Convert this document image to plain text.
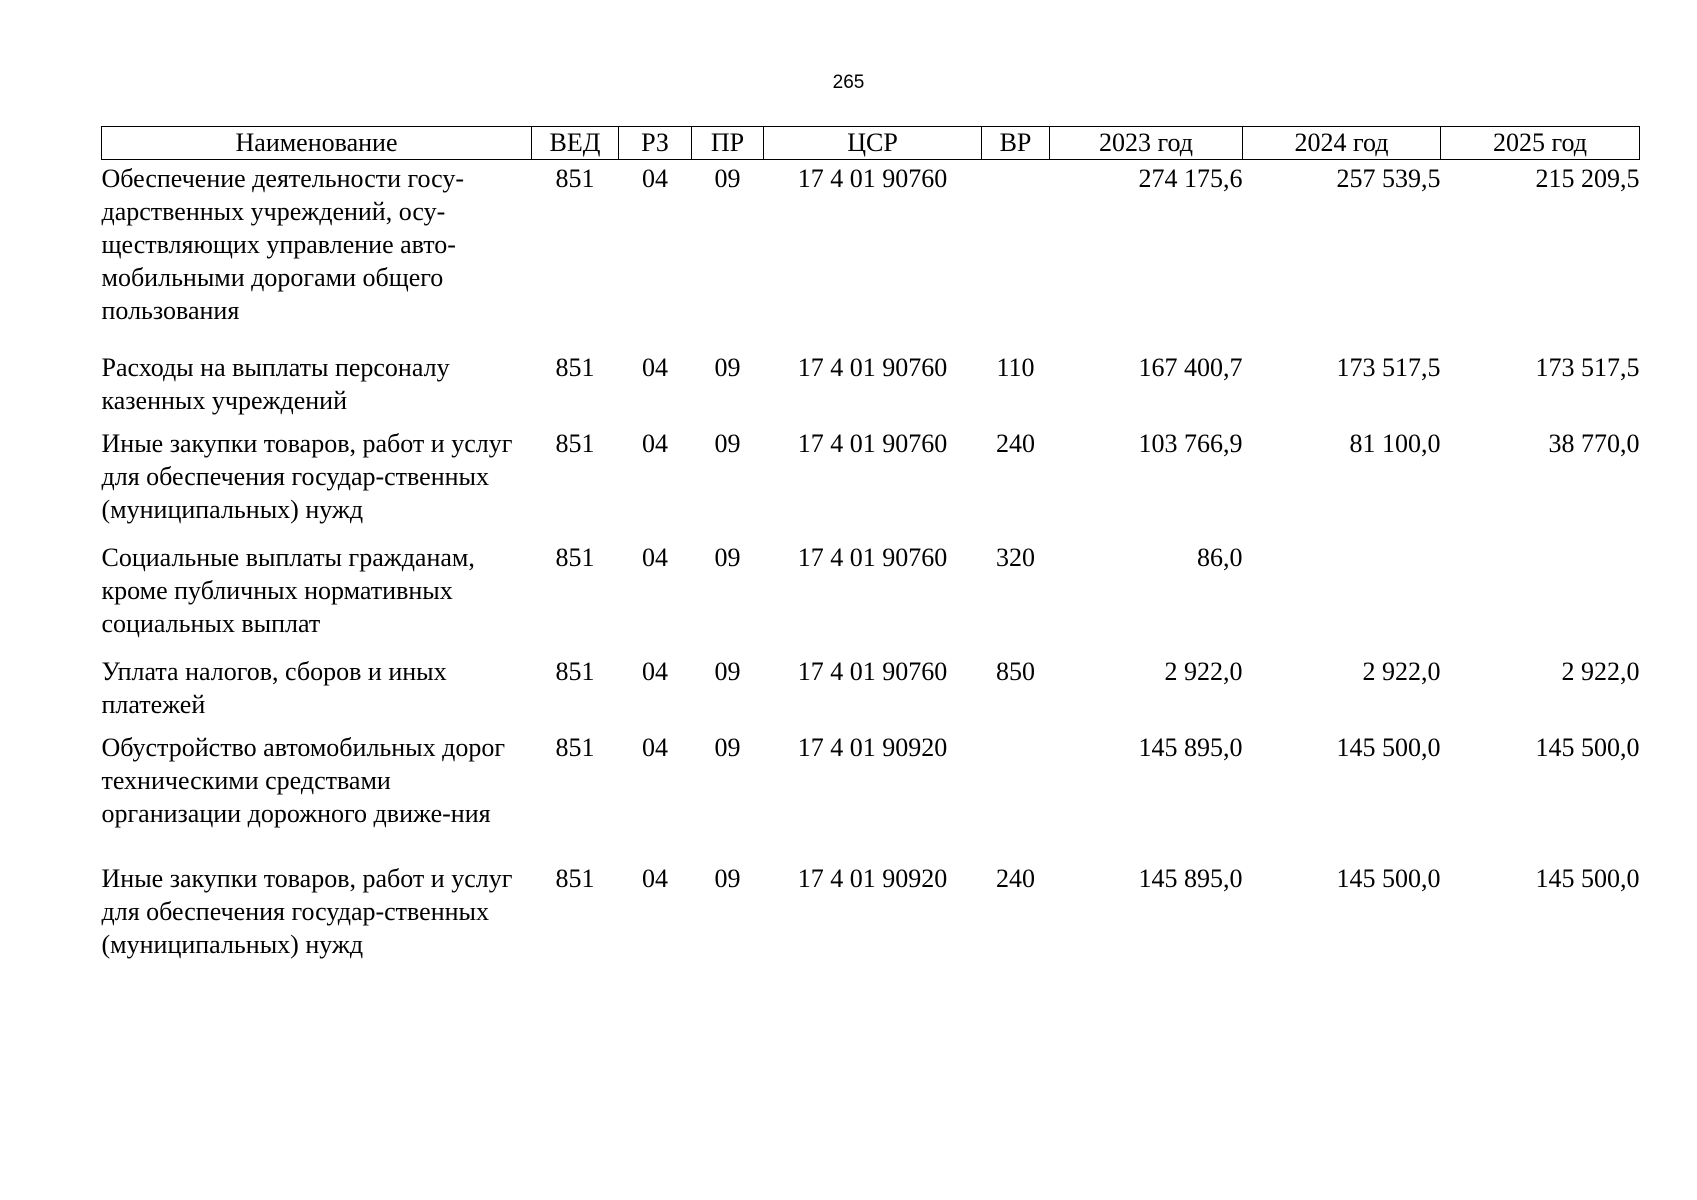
265
Наименование	ВЕД	РЗ	ПР	ЦСР	ВР	2023 год	2024 год	2025 год
Обеспечение деятельности госу-дарственных учреждений, осу-ществляющих управление авто-мобильными дорогами общего пользования	851	04	09	17 4 01 90760		274 175,6	257 539,5	215 209,5
Расходы на выплаты персоналу казенных учреждений	851	04	09	17 4 01 90760	110	167 400,7	173 517,5	173 517,5
Иные закупки товаров, работ и услуг для обеспечения государ-ственных (муниципальных) нужд	851	04	09	17 4 01 90760	240	103 766,9	81 100,0	38 770,0
Социальные выплаты гражданам, кроме публичных нормативных социальных выплат	851	04	09	17 4 01 90760	320	86,0		
Уплата налогов, сборов и иных платежей	851	04	09	17 4 01 90760	850	2 922,0	2 922,0	2 922,0
Обустройство автомобильных дорог техническими средствами организации дорожного движе-ния	851	04	09	17 4 01 90920		145 895,0	145 500,0	145 500,0
Иные закупки товаров, работ и услуг для обеспечения государ-ственных (муниципальных) нужд	851	04	09	17 4 01 90920	240	145 895,0	145 500,0	145 500,0
